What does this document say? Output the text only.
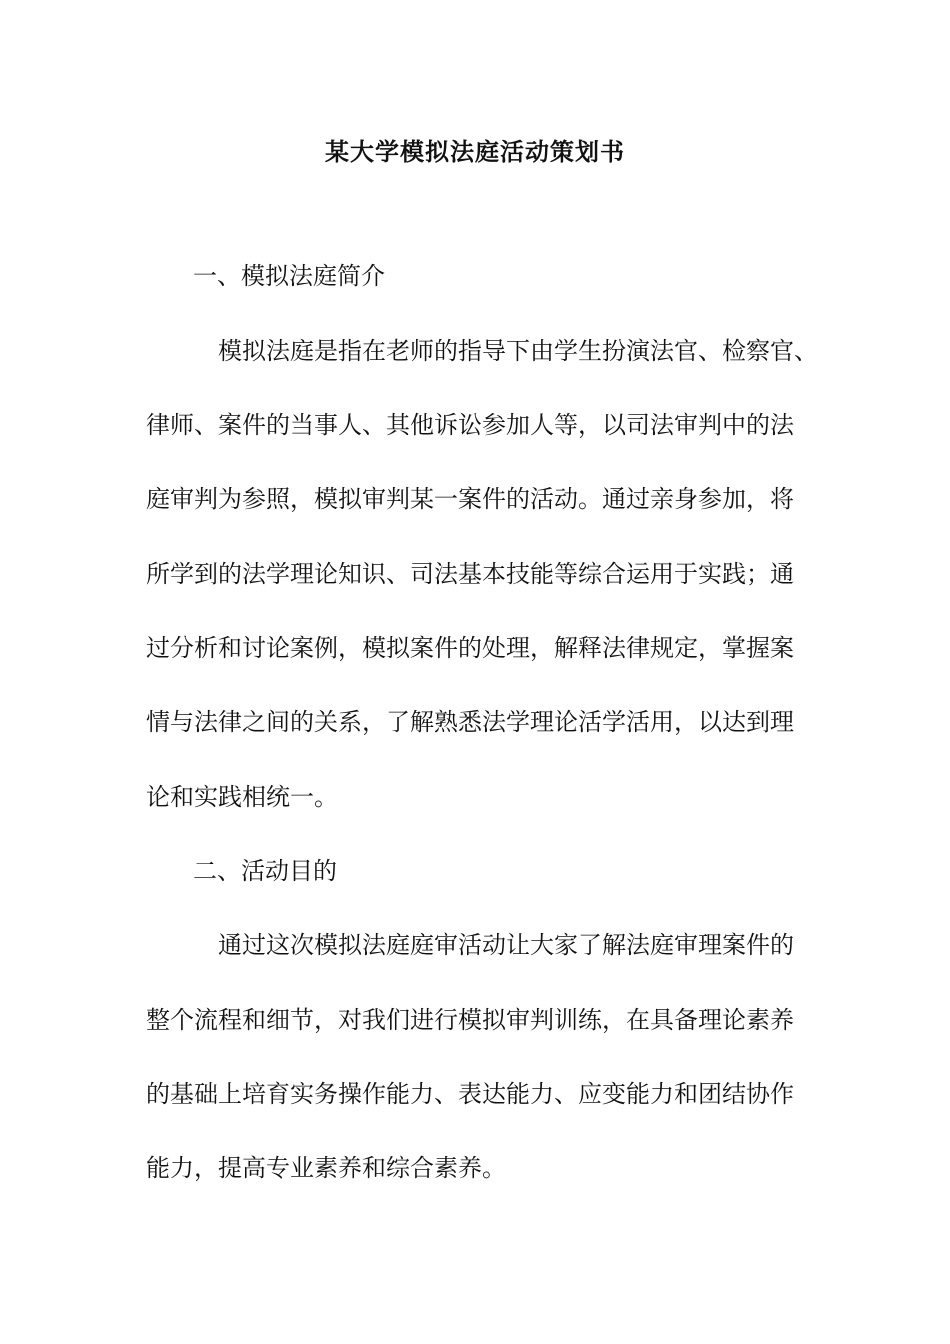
某大学模拟法庭活动策划书
一、模拟法庭简介
模拟法庭是指在老师的指导下由学生扮演法官、检察官、
律师、案件的当事人、其他诉讼参加人等，以司法审判中的法
庭审判为参照，模拟审判某一案件的活动。通过亲身参加，将
所学到的法学理论知识、司法基本技能等综合运用于实践；通
过分析和讨论案例，模拟案件的处理，解释法律规定，掌握案
情与法律之间的关系，了解熟悉法学理论活学活用，以达到理
论和实践相统一。
二、活动目的
通过这次模拟法庭庭审活动让大家了解法庭审理案件的
整个流程和细节，对我们进行模拟审判训练，在具备理论素养
的基础上培育实务操作能力、表达能力、应变能力和团结协作
能力，提高专业素养和综合素养。
